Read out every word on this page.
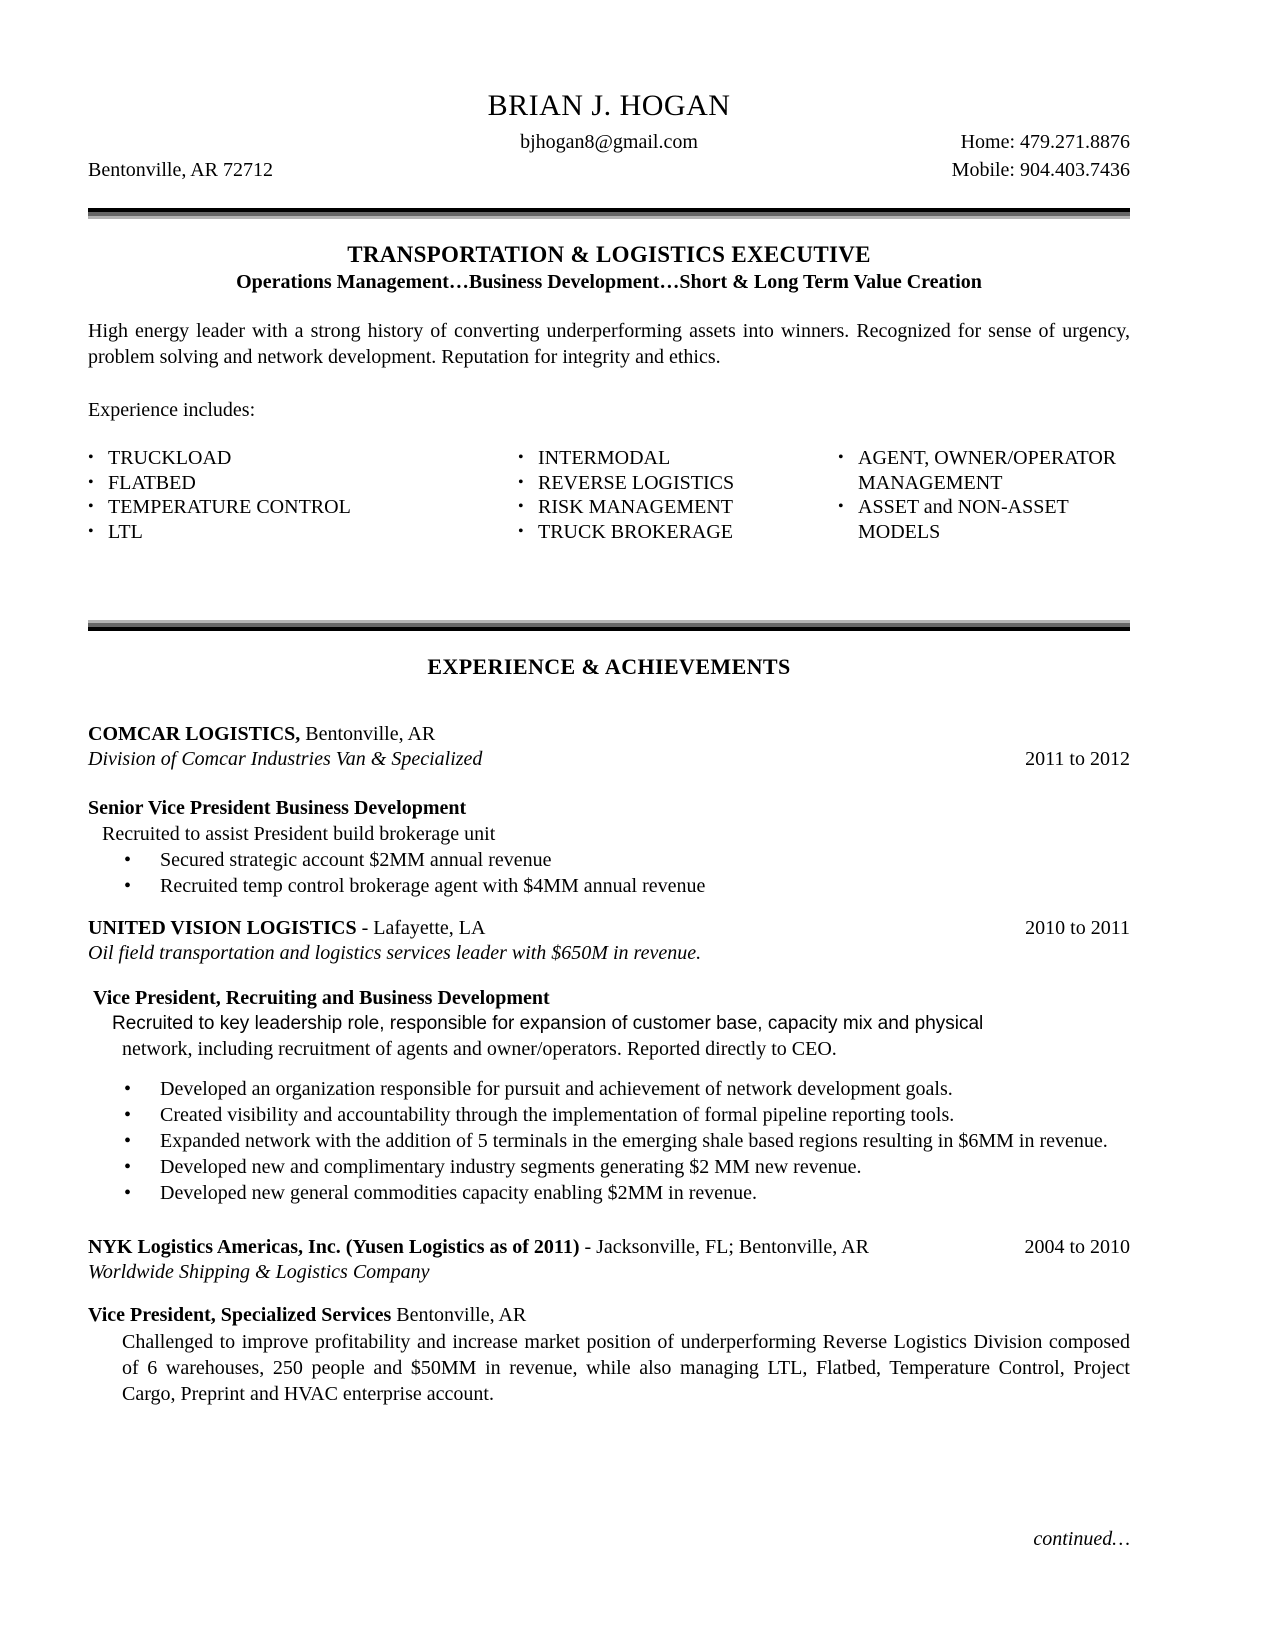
BRIAN J. HOGAN
bjhogan8@gmail.com	Home: 479.271.8876
Bentonville, AR 72712	Mobile: 904.403.7436
TRANSPORTATION & LOGISTICS EXECUTIVE
Operations Management…Business Development…Short & Long Term Value Creation
High energy leader with a strong history of converting underperforming assets into winners. Recognized for sense of urgency, problem solving and network development. Reputation for integrity and ethics.
Experience includes:
• TRUCKLOAD
• FLATBED
• TEMPERATURE CONTROL
• LTL
• INTERMODAL
• REVERSE LOGISTICS
• RISK MANAGEMENT
• TRUCK BROKERAGE
• AGENT, OWNER/OPERATOR MANAGEMENT
• ASSET and NON-ASSET MODELS
EXPERIENCE & ACHIEVEMENTS
COMCAR LOGISTICS, Bentonville, AR
Division of Comcar Industries Van & Specialized	2011 to 2012
Senior Vice President Business Development
Recruited to assist President build brokerage unit
•	Secured strategic account $2MM annual revenue
•	Recruited temp control brokerage agent with $4MM annual revenue
UNITED VISION LOGISTICS - Lafayette, LA	2010 to 2011
Oil field transportation and logistics services leader with $650M in revenue.
Vice President, Recruiting and Business Development
Recruited to key leadership role, responsible for expansion of customer base, capacity mix and physical
network, including recruitment of agents and owner/operators. Reported directly to CEO.
•	Developed an organization responsible for pursuit and achievement of network development goals.
•	Created visibility and accountability through the implementation of formal pipeline reporting tools.
•	Expanded network with the addition of 5 terminals in the emerging shale based regions resulting in $6MM in revenue.
•	Developed new and complimentary industry segments generating $2 MM new revenue.
•	Developed new general commodities capacity enabling $2MM in revenue.
NYK Logistics Americas, Inc. (Yusen Logistics as of 2011) - Jacksonville, FL; Bentonville, AR	2004 to 2010
Worldwide Shipping & Logistics Company
Vice President, Specialized Services Bentonville, AR
Challenged to improve profitability and increase market position of underperforming Reverse Logistics Division composed of 6 warehouses, 250 people and $50MM in revenue, while also managing LTL, Flatbed, Temperature Control, Project Cargo, Preprint and HVAC enterprise account.
continued…
